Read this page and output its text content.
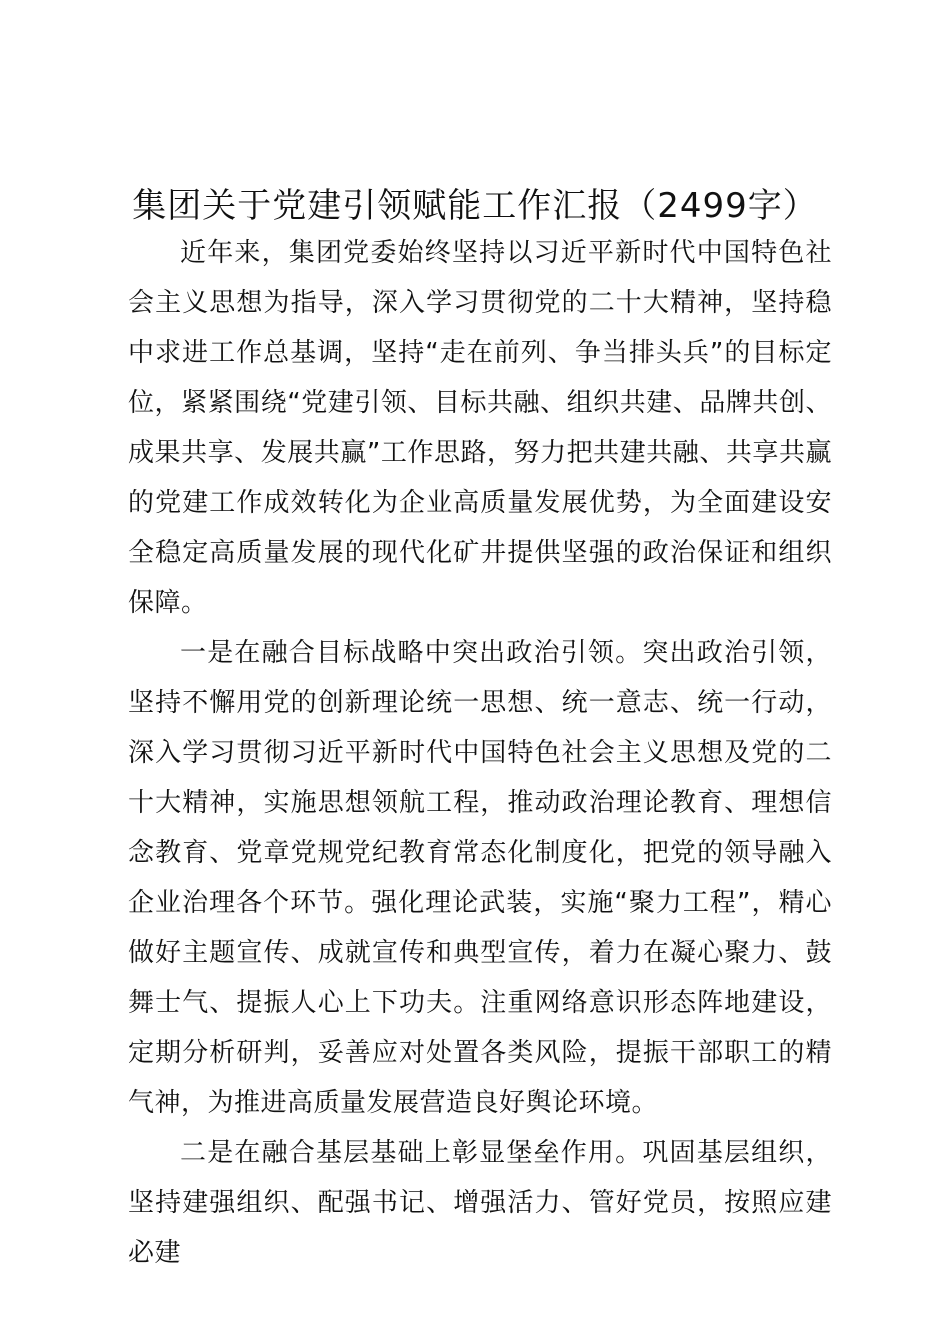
集团关于党建引领赋能工作汇报（2499字）

近年来，集团党委始终坚持以习近平新时代中国特色社会主义思想为指导，深入学习贯彻党的二十大精神，坚持稳中求进工作总基调，坚持“走在前列、争当排头兵”的目标定位，紧紧围绕“党建引领、目标共融、组织共建、品牌共创、成果共享、发展共赢”工作思路，努力把共建共融、共享共赢的党建工作成效转化为企业高质量发展优势，为全面建设安全稳定高质量发展的现代化矿井提供坚强的政治保证和组织保障。

一是在融合目标战略中突出政治引领。突出政治引领，坚持不懈用党的创新理论统一思想、统一意志、统一行动，深入学习贯彻习近平新时代中国特色社会主义思想及党的二十大精神，实施思想领航工程，推动政治理论教育、理想信念教育、党章党规党纪教育常态化制度化，把党的领导融入企业治理各个环节。强化理论武装，实施“聚力工程”，精心做好主题宣传、成就宣传和典型宣传，着力在凝心聚力、鼓舞士气、提振人心上下功夫。注重网络意识形态阵地建设，定期分析研判，妥善应对处置各类风险，提振干部职工的精气神，为推进高质量发展营造良好舆论环境。

二是在融合基层基础上彰显堡垒作用。巩固基层组织，坚持建强组织、配强书记、增强活力、管好党员，按照应建必建
